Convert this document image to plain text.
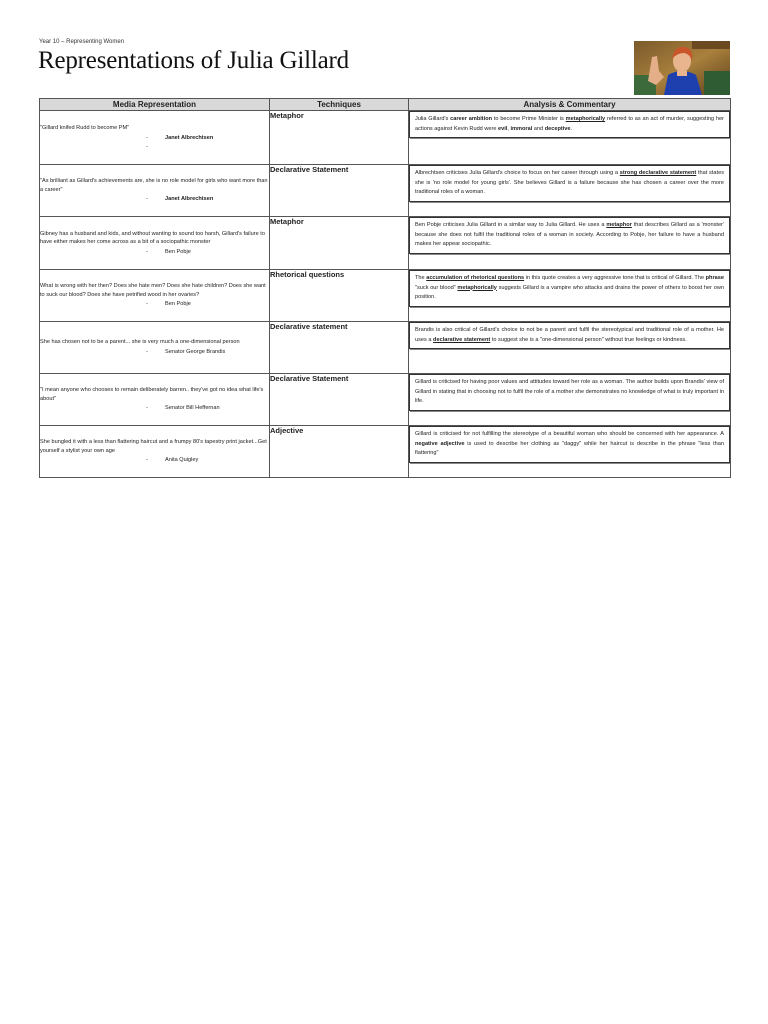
Year 10 – Representing Women
Representations of Julia Gillard
Media Representation	Techniques	Analysis & Commentary

"Gillard knifed Rudd to become PM"
- Janet Albrechtsen
-	Metaphor	Julia Gillard's career ambition to become Prime Minister is metaphorically referred to as an act of murder, suggesting her actions against Kevin Rudd were evil, immoral and deceptive.

"As brilliant as Gillard's achievements are, she is no role model for girls who want more than a career"
- Janet Albrechtsen	Declarative Statement	Albrechtsen criticises Julia Gillard's choice to focus on her career through using a strong declarative statement that states she is 'no role model for young girls'. She believes Gillard is a failure because she has chosen a career over the more traditional roles of a woman.

Gibney has a husband and kids, and without wanting to sound too harsh, Gillard's failure to have either makes her come across as a bit of a sociopathic monster
- Ben Pobje	Metaphor	Ben Pobje criticises Julia Gillard in a similar way to Julia Gillard. He uses a metaphor that describes Gillard as a 'monster' because she does not fulfil the traditional roles of a woman in society. According to Pobje, her failure to have a husband makes her appear sociopathic.

What is wrong with her then? Does she hate men? Does she hate children? Does she want to suck our blood? Does she have petrified wood in her ovaries?
- Ben Pobje	Rhetorical questions	The accumulation of rhetorical questions in this quote creates a very aggressive tone that is critical of Gillard. The phrase "suck our blood" metaphorically suggests Gillard is a vampire who attacks and drains the power of others to boost her own position.

She has chosen not to be a parent... she is very much a one-dimensional person
- Senator George Brandis	Declarative statement	Brandis is also critical of Gillard's choice to not be a parent and fulfil the stereotypical and traditional role of a mother. He uses a declarative statement to suggest she is a "one-dimensional person" without true feelings or kindness.

"I mean anyone who chooses to remain deliberately barren.. they've got no idea what life's about"
- Senator Bill Heffernan	Declarative Statement	Gillard is criticised for having poor values and attitudes toward her role as a woman. The author builds upon Brandis' view of Gillard in stating that in choosing not to fulfil the role of a mother she demonstrates no knowledge of what is truly important in life.

She bungled it with a less than flattering haircut and a frumpy 80's tapestry print jacket...Get yourself a stylist your own age
- Anita Quigley	Adjective	Gillard is criticised for not fulfilling the stereotype of a beautiful woman who should be concerned with her appearance. A negative adjective is used to describe her clothing as "daggy" while her haircut is describe in the phrase "less than flattering"
